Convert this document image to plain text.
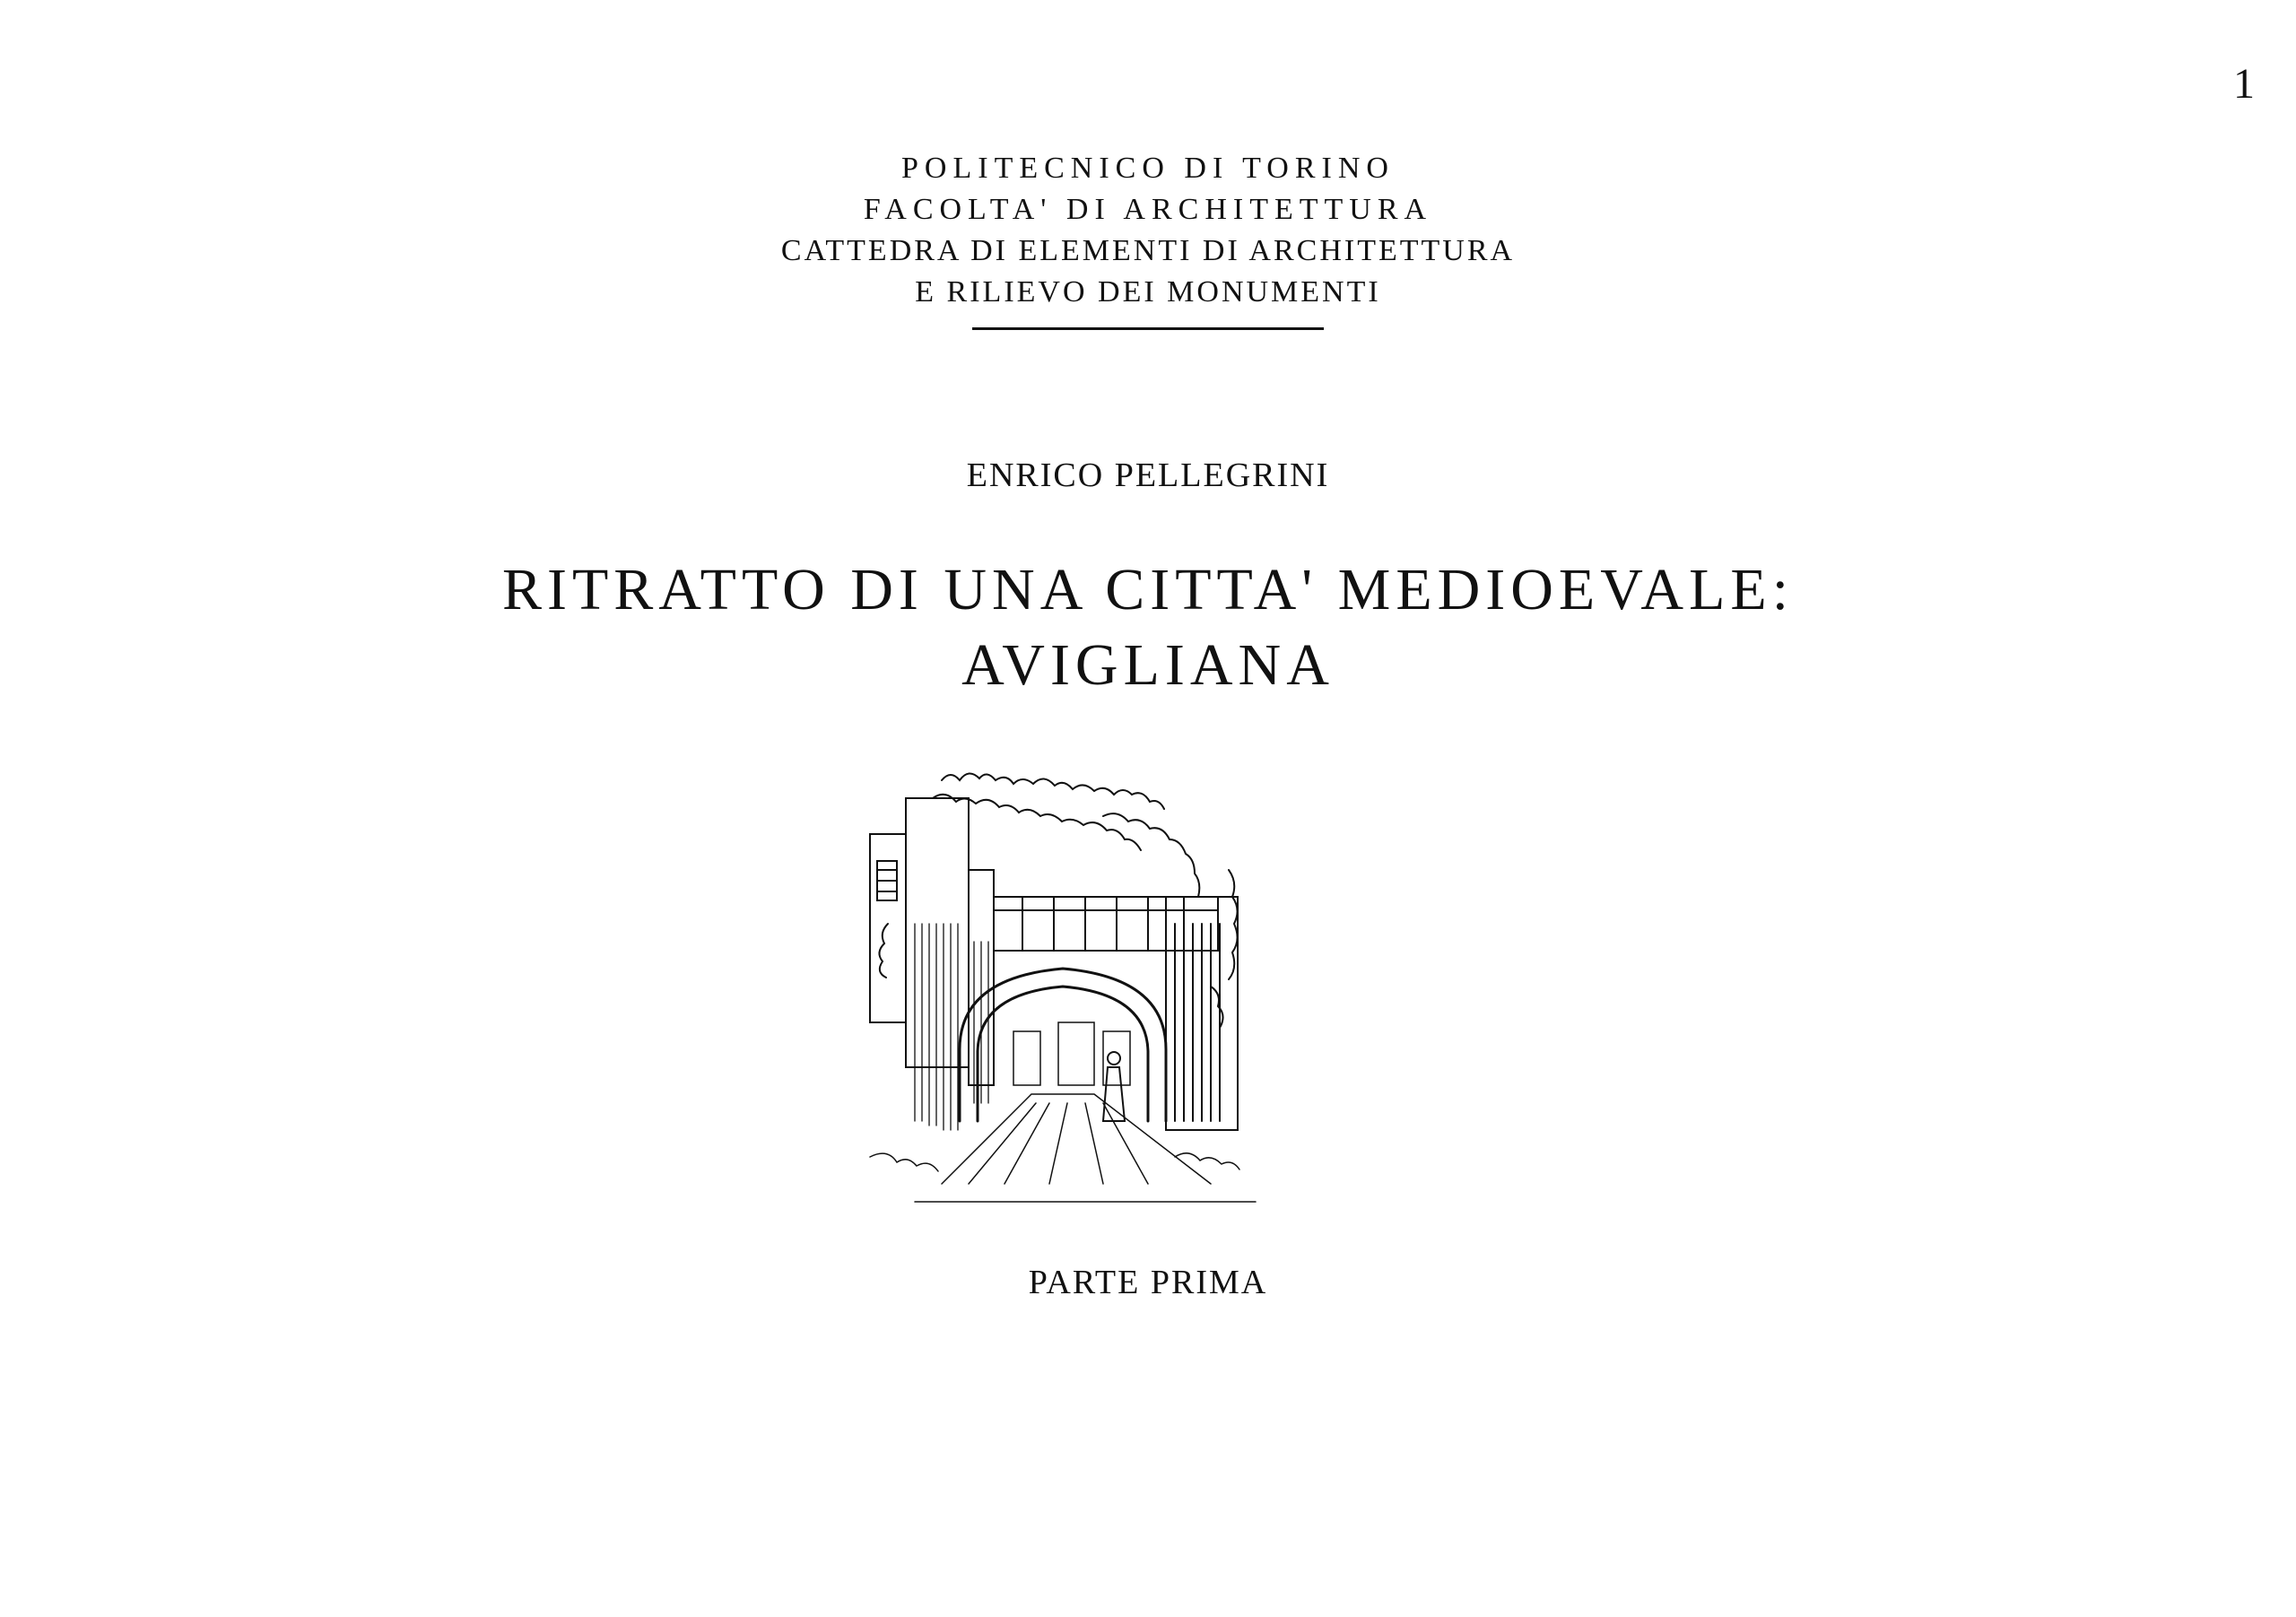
1
POLITECNICO DI TORINO
FACOLTA' DI ARCHITETTURA
CATTEDRA DI ELEMENTI DI ARCHITETTURA
E RILIEVO DEI MONUMENTI
ENRICO PELLEGRINI
RITRATTO DI UNA CITTA' MEDIOEVALE:
AVIGLIANA
PARTE PRIMA
